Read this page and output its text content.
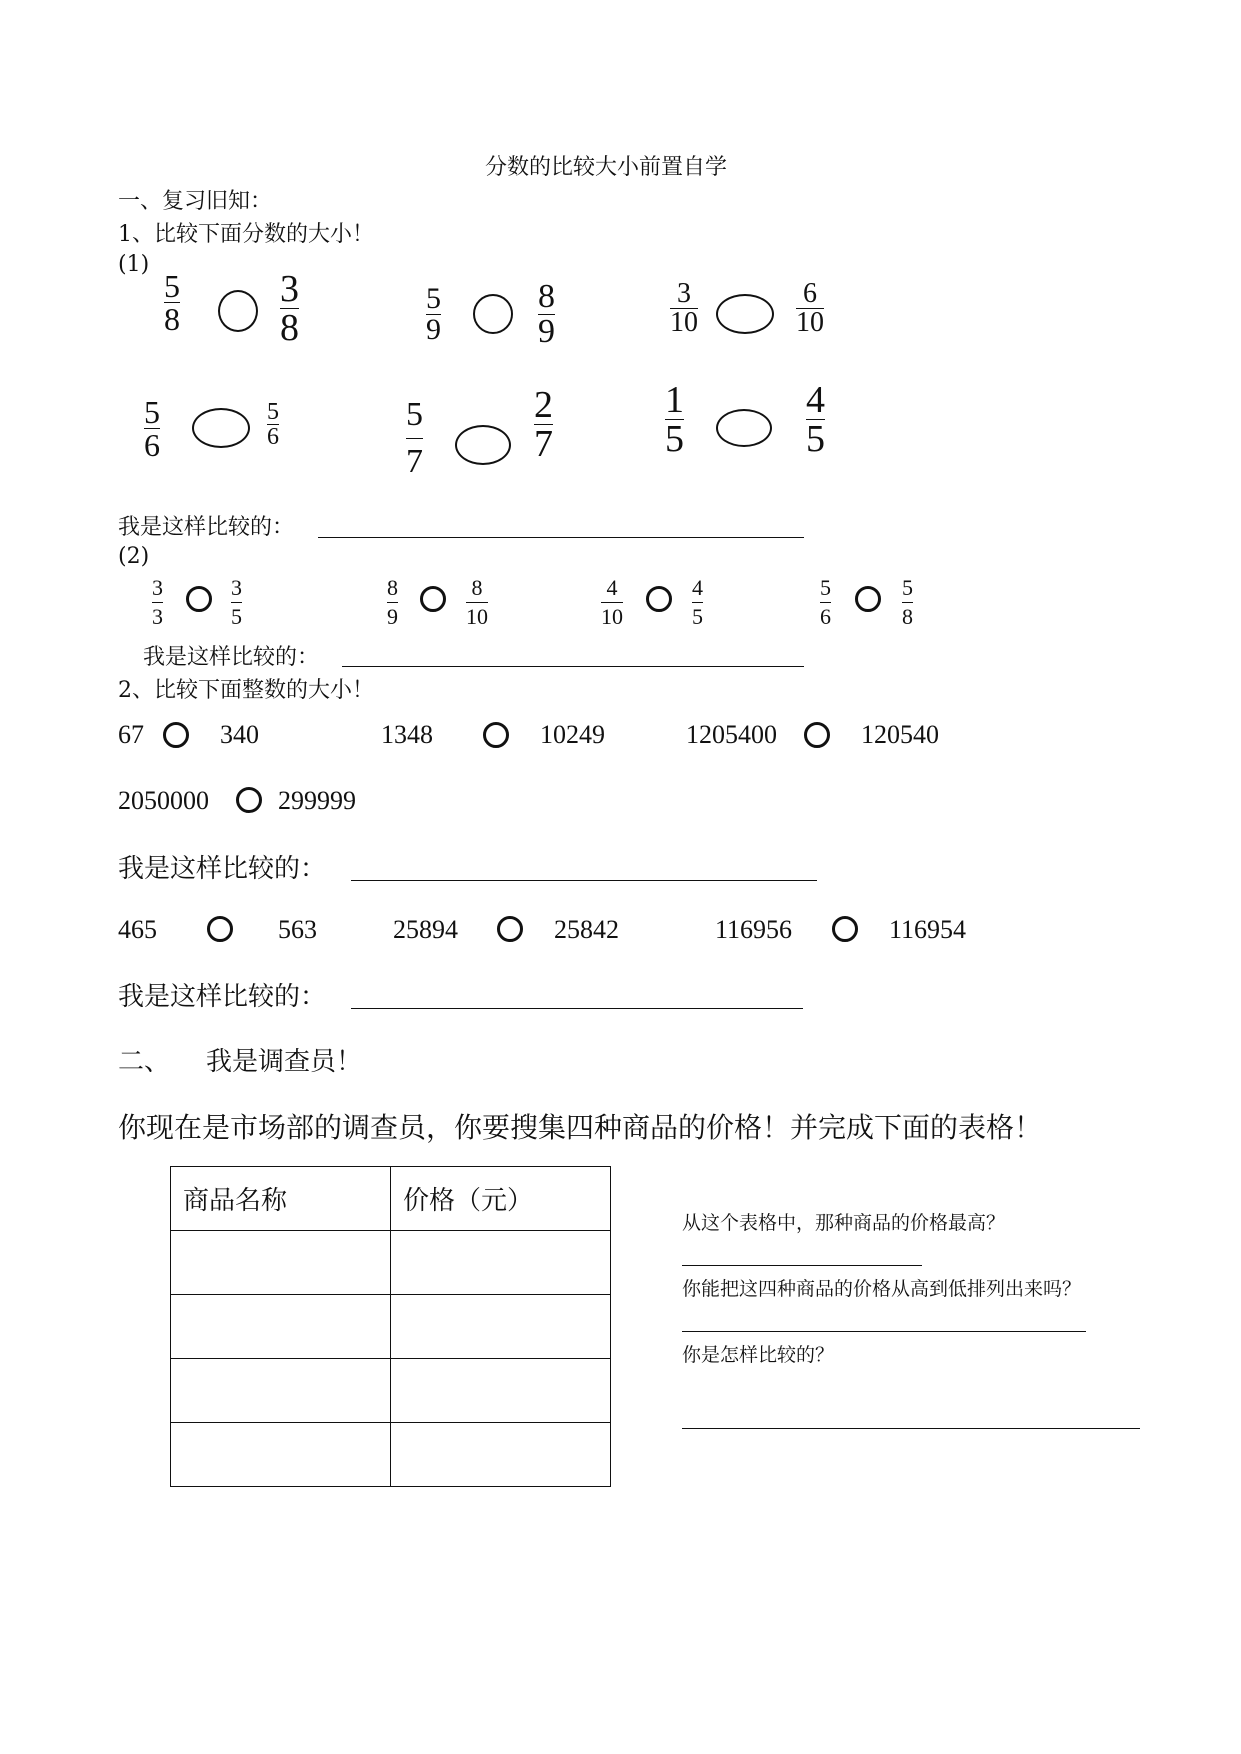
分数的比较大小前置自学
一、复习旧知：
1、比较下面分数的大小！
(1)
5
8
3
8
5
9
8
9
3
10
6
10
5
6
5
6
5
7
2
7
1
5
4
5
我是这样比较的：
(2)
3
3
3
5
8
9
8
10
4
10
4
5
5
6
5
8
我是这样比较的：
2、比较下面整数的大小！
67	340	1348	10249	1205400	120540
2050000	299999
我是这样比较的：
465	563	25894	25842	116956	116954
我是这样比较的：
二、 我是调查员！
你现在是市场部的调查员，你要搜集四种商品的价格！并完成下面的表格！
商品名称	价格（元）

从这个表格中，那种商品的价格最高？
你能把这四种商品的价格从高到低排列出来吗？
你是怎样比较的？
